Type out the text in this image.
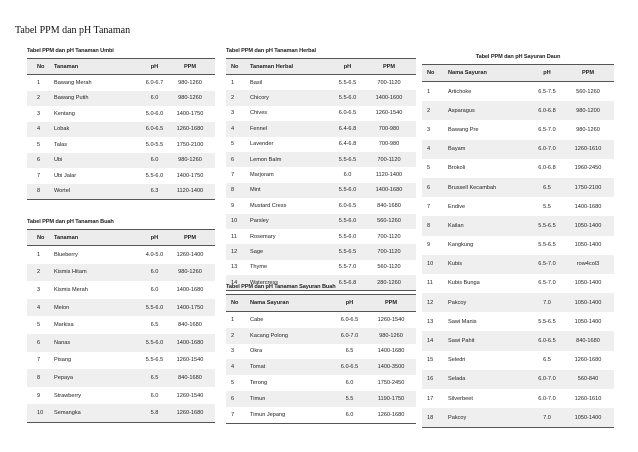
Tabel PPM dan pH Tanaman
Tabel PPM dan pH Tanaman Umbi
No Tanaman	pH	PPM
1 Bawang Merah	6.0-6.7	980-1260
2 Bawang Putih	6.0	980-1260
3 Kentang	5.0-6.0	1400-1750
4 Lobak	6.0-6.5	1260-1680
5 Talas	5.0-5.5	1750-2100
6 Ubi	6.0	980-1260
7 Ubi Jalar	5.5-6.0	1400-1750
8 Wortel	6.3	1120-1400
Tabel PPM dan pH Tanaman Buah
No Tanaman	pH	PPM
1 Blueberry	4.0-5.0	1260-1400
2 Kismis Hitam	6.0	980-1260
3 Kismis Merah	6.0	1400-1680
4 Melon	5.5-6.0	1400-1750
5 Markisa	6.5	840-1680
6 Nanas	5.5-6.0	1400-1680
7 Pisang	5.5-6.5	1260-1540
8 Pepaya	6.5	840-1680
9 Strawberry	6.0	1260-1540
10 Semangka	5.8	1260-1680
Tabel PPM dan pH Tanaman Herbal
No Tanaman Herbal	pH	PPM
1	Basil	5.5-6.5	700-1120
2	Chicory	5.5-6.0	1400-1600
3	Chives	6.0-6.5	1260-1540
4	Fennel	6.4-6.8	700-980
5	Lavender	6.4-6.8	700-980
6	Lemon Balm	5.5-6.5	700-1120
7	Marjoram	6.0	1120-1400
8	Mint	5.5-6.0	1400-1680
9	Mustard Cress	6.0-6.5	840-1680
10 Parsley	5.5-6.0	560-1260
11 Rosemary	5.5-6.0	700-1120
12 Sage	5.5-6.5	700-1120
13 Thyme	5.5-7.0	560-1120
14 Watercress	6.5-6.8	280-1260
Tabel PPM dan pH Tanaman Sayuran Buah
No Nama Sayuran	pH	PPM
1	Cabe	6.0-6.5	1260-1540
2	Kacang Polong	6.0-7.0	980-1260
3	Okra	6.5	1400-1680
4	Tomat	6.0-6.5	1400-3500
5	Terong	6.0	1750-2450
6	Timun	5.5	1190-1750
7	Timun Jepang	6.0	1260-1680
Tabel PPM dan pH Sayuran Daun
No Nama Sayuran	pH	PPM
1	Artichoke	6.5-7.5	560-1260
2	Asparagus	6.0-6.8	980-1200
3	Bawang Pre	6.5-7.0	980-1260
4	Bayam	6.0-7.0	1260-1610
5	Brokoli	6.0-6.8	1960-2450
6	Brussell Kecambah	6.5	1750-2100
7	Endive	5.5	1400-1680
8	Kailan	5.5-6.5	1050-1400
9	Kangkung	5.5-6.5	1050-1400
10	Kubis	6.5-7.0	row4col3
11	Kubis Bunga	6.5-7.0	1050-1400
12	Pakcoy	7.0	1050-1400
13	Sawi Manis	5.5-6.5	1050-1400
14	Sawi Pahit	6.0-6.5	840-1680
15	Seledri	6.5	1260-1680
16	Selada	6.0-7.0	560-840
17	Silverbeet	6.0-7.0	1260-1610
18	Pakcoy	7.0	1050-1400
